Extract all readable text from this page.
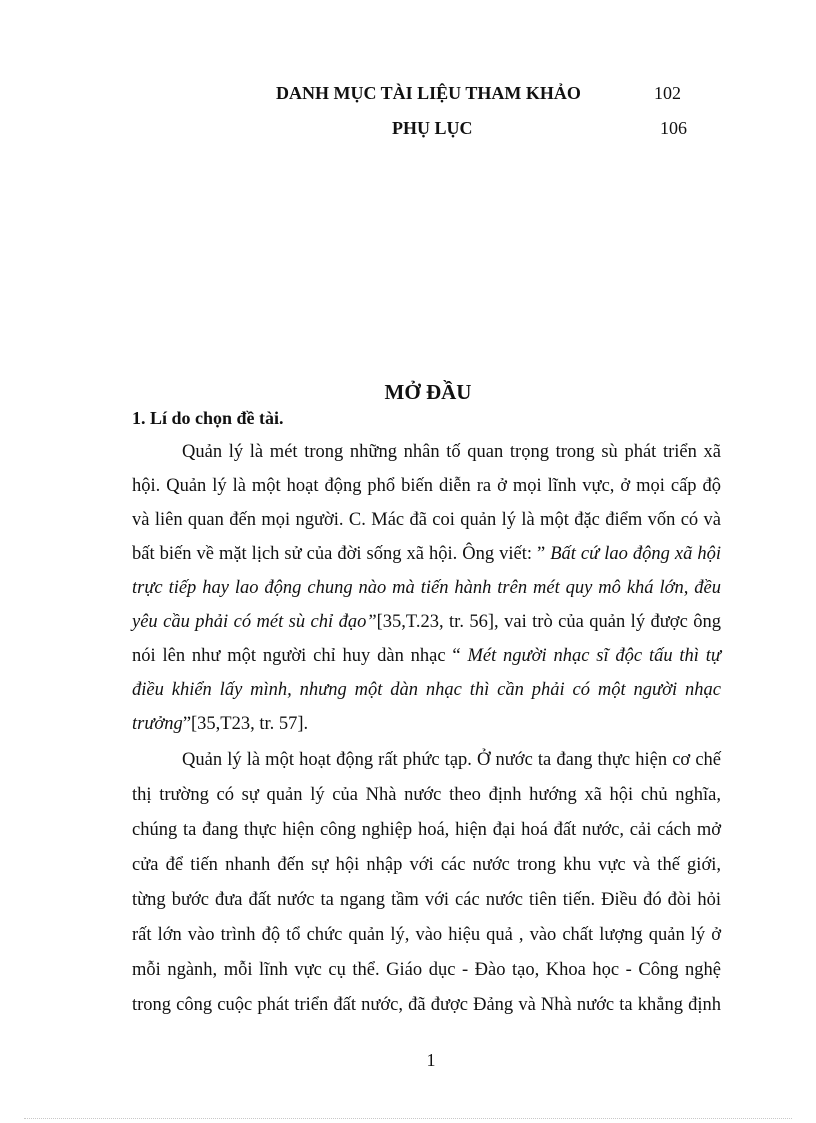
DANH MỤC TÀI LIỆU THAM KHẢO	102
PHỤ LỤC	106
MỞ ĐẦU
1. Lí do chọn đề tài.
Quản lý là mét trong những nhân tố quan trọng trong sù phát triển xã
hội. Quản lý là một hoạt động phổ biến diễn ra ở mọi lĩnh vực, ở mọi cấp độ
và liên quan đến mọi người. C. Mác đã coi quản lý là một đặc điểm vốn có và
bất biến về mặt lịch sử của đời sống xã hội. Ông viết: ” Bất cứ lao động xã hội
trực tiếp hay lao động chung nào mà tiến hành trên mét quy mô khá lớn, đều
yêu cầu phải có mét sù chỉ đạo”[35,T.23, tr. 56], vai trò của quản lý được ông
nói lên như một người chỉ huy dàn nhạc “ Mét người nhạc sĩ độc tấu thì tự
điều khiển lấy mình, nhưng một dàn nhạc thì cần phải có một người nhạc
trưởng”[35,T23, tr. 57].
Quản lý là một hoạt động rất phức tạp. Ở nước ta đang thực hiện cơ chế
thị trường có sự quản lý của Nhà nước theo định hướng xã hội chủ nghĩa,
chúng ta đang thực hiện công nghiệp hoá, hiện đại hoá đất nước, cải cách mở
cửa để tiến nhanh đến sự hội nhập với các nước trong khu vực và thế giới,
từng bước đưa đất nước ta ngang tầm với các nước tiên tiến. Điều đó đòi hỏi
rất lớn vào trình độ tổ chức quản lý, vào hiệu quả , vào chất lượng quản lý ở
mỗi ngành, mỗi lĩnh vực cụ thể. Giáo dục - Đào tạo, Khoa học - Công nghệ
trong công cuộc phát triển đất nước, đã được Đảng và Nhà nước ta khẳng định
1
